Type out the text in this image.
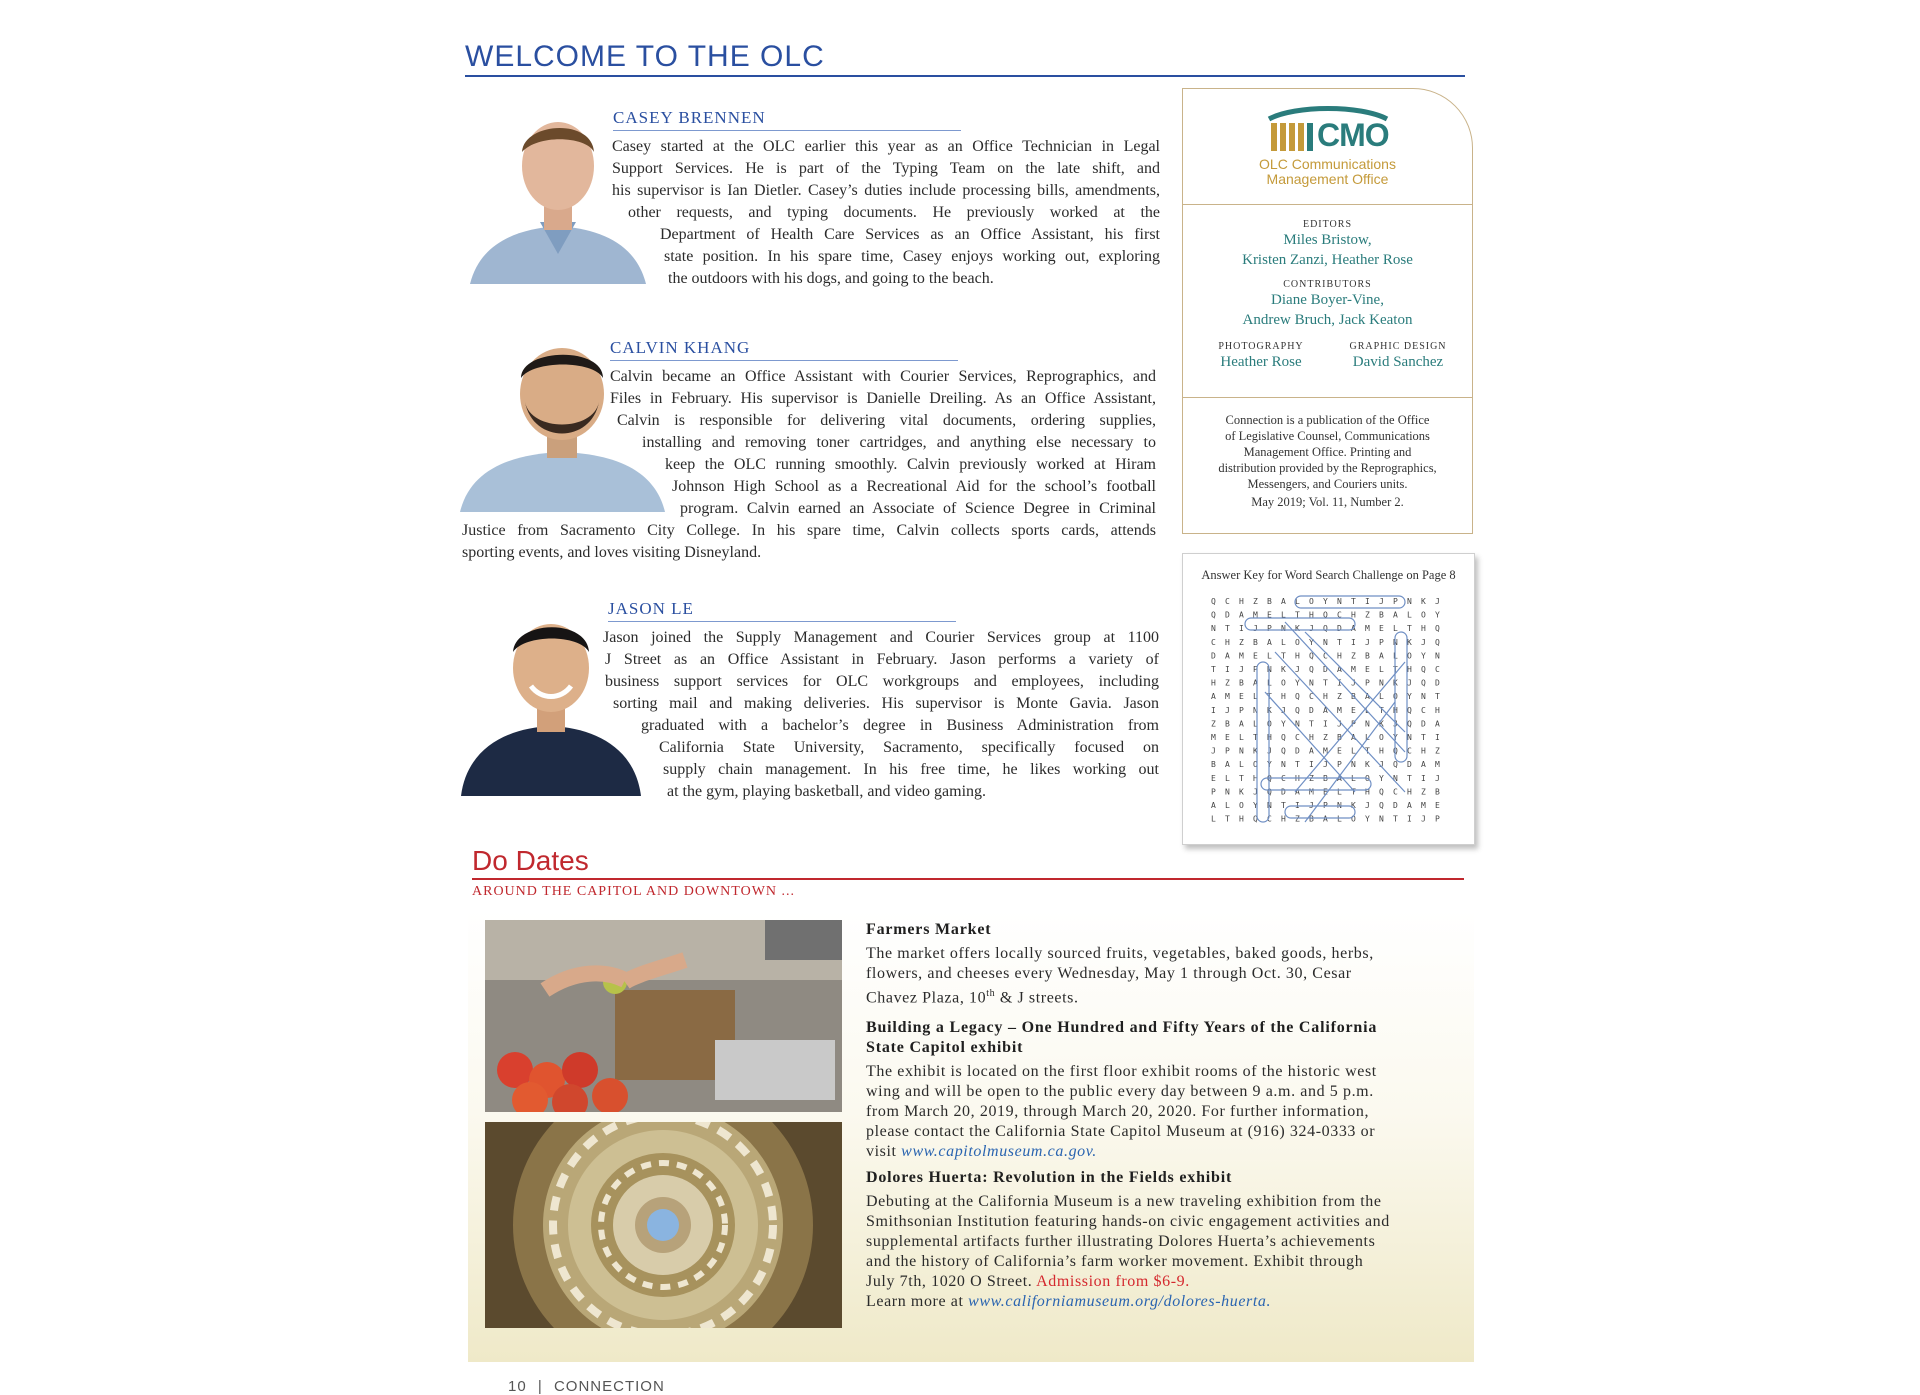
WELCOME TO THE OLC
CASEY BRENNEN

Casey started at the OLC earlier this year as an Office Technician in Legal

Support Services. He is part of the Typing Team on the late shift, and

his supervisor is Ian Dietler. Casey’s duties include processing bills, amendments,

other requests, and typing documents. He previously worked at the

Department of Health Care Services as an Office Assistant, his first

state position. In his spare time, Casey enjoys working out, exploring

the outdoors with his dogs, and going to the beach.

CALVIN KHANG

Calvin became an Office Assistant with Courier Services, Reprographics, and

Files in February. His supervisor is Danielle Dreiling. As an Office Assistant,

Calvin is responsible for delivering vital documents, ordering supplies,

installing and removing toner cartridges, and anything else necessary to

keep the OLC running smoothly. Calvin previously worked at Hiram

Johnson High School as a Recreational Aid for the school’s football

program. Calvin earned an Associate of Science Degree in Criminal

Justice from Sacramento City College. In his spare time, Calvin collects sports cards, attends

sporting events, and loves visiting Disneyland.

JASON LE

Jason joined the Supply Management and Courier Services group at 1100

J Street as an Office Assistant in February. Jason performs a variety of

business support services for OLC workgroups and employees, including

sorting mail and making deliveries. His supervisor is Monte Gavia. Jason

graduated with a bachelor’s degree in Business Administration from

California State University, Sacramento, specifically focused on

supply chain management. In his free time, he likes working out

at the gym, playing basketball, and video gaming.

CMO
OLC Communications
Management Office
EDITORS
Miles Bristow,
Kristen Zanzi, Heather Rose
CONTRIBUTORS
Diane Boyer-Vine,
Andrew Bruch, Jack Keaton
PHOTOGRAPHY
Heather Rose
GRAPHIC DESIGN
David Sanchez
Connection is a publication of the Office
of Legislative Counsel, Communications
Management Office. Printing and
distribution provided by the Reprographics,
Messengers, and Couriers units.
May 2019; Vol. 11, Number 2.
Answer Key for Word Search Challenge on Page 8
Q C H Z B A L O Y N T I J P N K J
Q D A M E L T H Q C H Z B A L O Y
N T I J P N K J Q D A M E L T H Q
C H Z B A L O Y N T I J P N K J Q
D A M E L T H Q C H Z B A L O Y N
T I J P N K J Q D A M E L T H Q C
H Z B A L O Y N T I J P N K J Q D
A M E L T H Q C H Z B A L O Y N T
I J P N K J Q D A M E L T H Q C H
Z B A L O Y N T I J P N K J Q D A
M E L T H Q C H Z B A L O Y N T I
J P N K J Q D A M E L T H Q C H Z
B A L O Y N T I J P N K J Q D A M
E L T H Q C H Z B A L O Y N T I J
P N K J Q D A M E L T H Q C H Z B
A L O Y N T I J P N K J Q D A M E
L T H Q C H Z B A L O Y N T I J P
Do Dates
AROUND THE CAPITOL AND DOWNTOWN ...
Farmers Market
The market offers locally sourced fruits, vegetables, baked goods, herbs,
flowers, and cheeses every Wednesday, May 1 through Oct. 30, Cesar
Chavez Plaza, 10th & J streets.
Building a Legacy – One Hundred and Fifty Years of the California
State Capitol exhibit
The exhibit is located on the first floor exhibit rooms of the historic west
wing and will be open to the public every day between 9 a.m. and 5 p.m.
from March 20, 2019, through March 20, 2020. For further information,
please contact the California State Capitol Museum at (916) 324-0333 or
visit www.capitolmuseum.ca.gov.
Dolores Huerta: Revolution in the Fields exhibit
Debuting at the California Museum is a new traveling exhibition from the
Smithsonian Institution featuring hands-on civic engagement activities and
supplemental artifacts further illustrating Dolores Huerta’s achievements
and the history of California’s farm worker movement. Exhibit through
July 7th, 1020 O Street. Admission from $6-9.
Learn more at www.californiamuseum.org/dolores-huerta.
10 | CONNECTION
